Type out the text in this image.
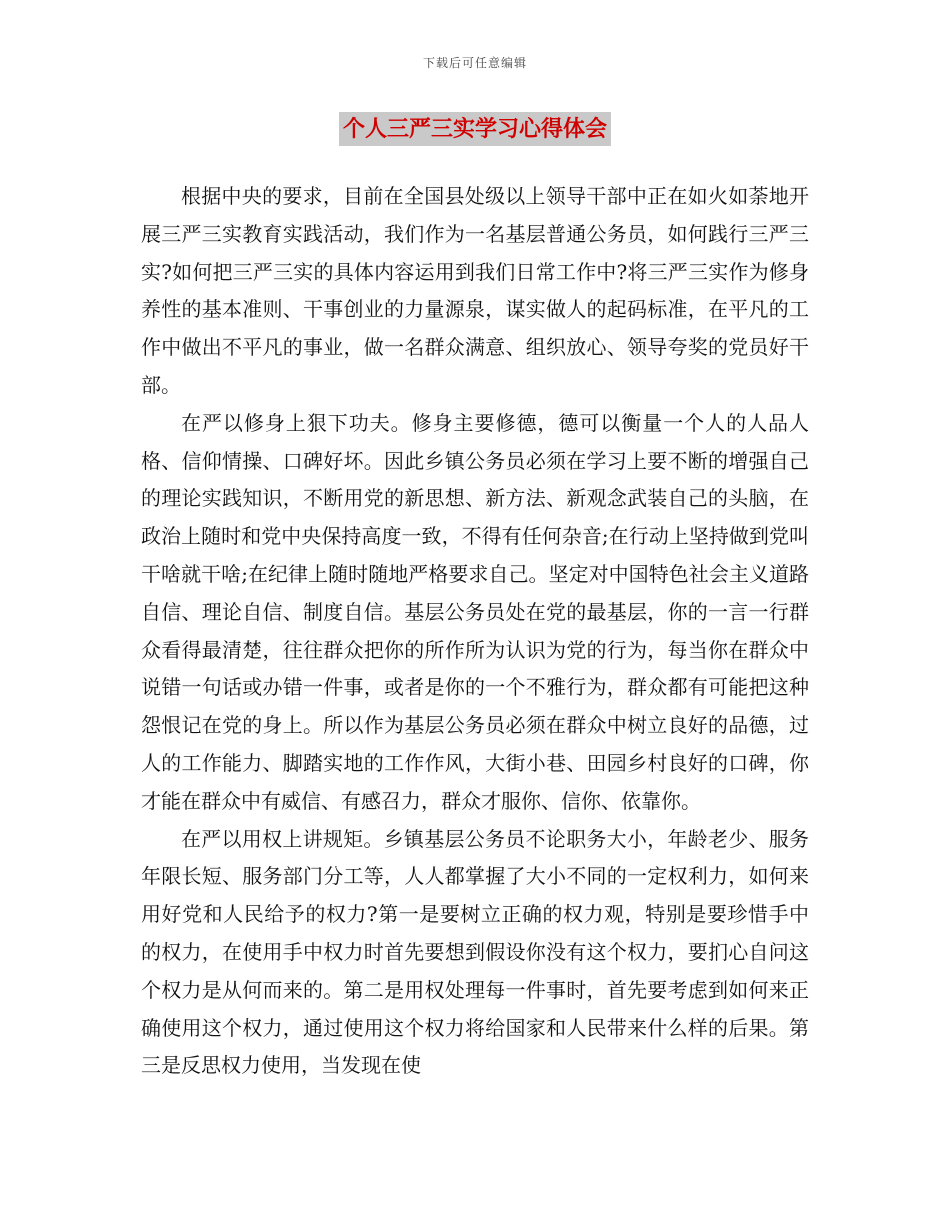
下载后可任意编辑
个人三严三实学习心得体会

根据中央的要求，目前在全国县处级以上领导干部中正在如火如荼地开展三严三实教育实践活动，我们作为一名基层普通公务员，如何践行三严三实?如何把三严三实的具体内容运用到我们日常工作中?将三严三实作为修身养性的基本准则、干事创业的力量源泉，谋实做人的起码标准，在平凡的工作中做出不平凡的事业，做一名群众满意、组织放心、领导夸奖的党员好干部。

在严以修身上狠下功夫。修身主要修德，德可以衡量一个人的人品人格、信仰情操、口碑好坏。因此乡镇公务员必须在学习上要不断的增强自己的理论实践知识，不断用党的新思想、新方法、新观念武装自己的头脑，在政治上随时和党中央保持高度一致，不得有任何杂音;在行动上坚持做到党叫干啥就干啥;在纪律上随时随地严格要求自己。坚定对中国特色社会主义道路自信、理论自信、制度自信。基层公务员处在党的最基层，你的一言一行群众看得最清楚，往往群众把你的所作所为认识为党的行为，每当你在群众中说错一句话或办错一件事，或者是你的一个不雅行为，群众都有可能把这种怨恨记在党的身上。所以作为基层公务员必须在群众中树立良好的品德，过人的工作能力、脚踏实地的工作作风，大街小巷、田园乡村良好的口碑，你才能在群众中有威信、有感召力，群众才服你、信你、依靠你。

在严以用权上讲规矩。乡镇基层公务员不论职务大小，年龄老少、服务年限长短、服务部门分工等，人人都掌握了大小不同的一定权利力，如何来用好党和人民给予的权力?第一是要树立正确的权力观，特别是要珍惜手中的权力，在使用手中权力时首先要想到假设你没有这个权力，要扪心自问这个权力是从何而来的。第二是用权处理每一件事时，首先要考虑到如何来正确使用这个权力，通过使用这个权力将给国家和人民带来什么样的后果。第三是反思权力使用，当发现在使
